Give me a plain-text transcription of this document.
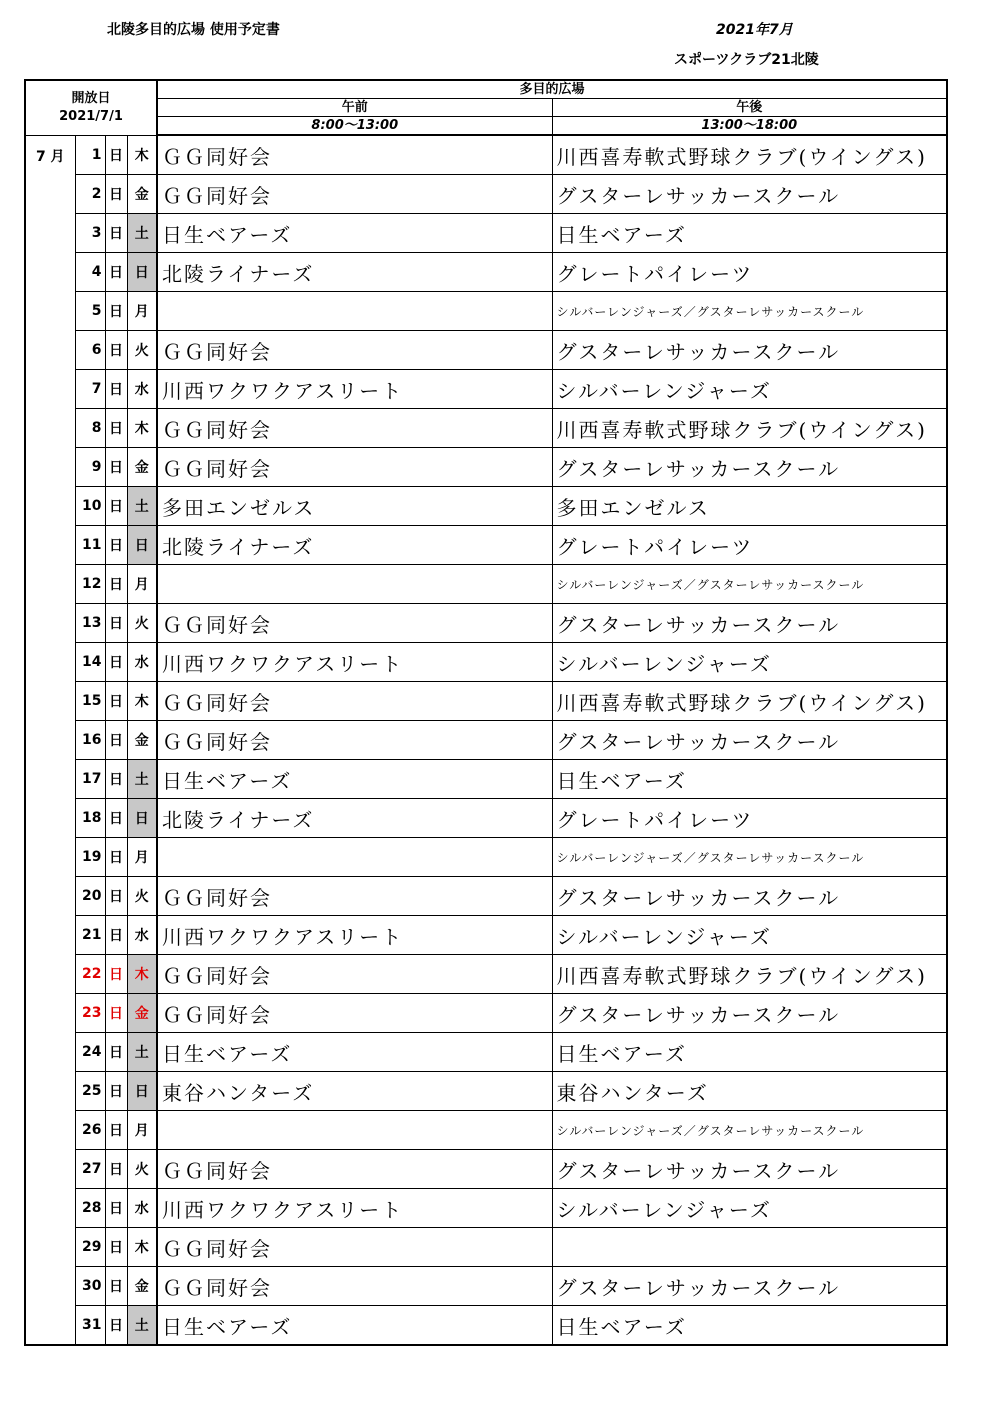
北陵多目的広場 使用予定書	2021年7月
スポーツクラブ21北陵
開放日
2021/7/1				多目的広場	
				午前	午後
				8:00～13:00	13:00～18:00
7 月	1	日	木	ＧＧ同好会	川西喜寿軟式野球クラブ(ウイングス)
	2	日	金	ＧＧ同好会	グスターレサッカースクール
	3	日	土	日生ベアーズ	日生ベアーズ
	4	日	日	北陵ライナーズ	グレートパイレーツ
	5	日	月		シルバーレンジャーズ／グスターレサッカースクール
	6	日	火	ＧＧ同好会	グスターレサッカースクール
	7	日	水	川西ワクワクアスリート	シルバーレンジャーズ
	8	日	木	ＧＧ同好会	川西喜寿軟式野球クラブ(ウイングス)
	9	日	金	ＧＧ同好会	グスターレサッカースクール
	10	日	土	多田エンゼルス	多田エンゼルス
	11	日	日	北陵ライナーズ	グレートパイレーツ
	12	日	月		シルバーレンジャーズ／グスターレサッカースクール
	13	日	火	ＧＧ同好会	グスターレサッカースクール
	14	日	水	川西ワクワクアスリート	シルバーレンジャーズ
	15	日	木	ＧＧ同好会	川西喜寿軟式野球クラブ(ウイングス)
	16	日	金	ＧＧ同好会	グスターレサッカースクール
	17	日	土	日生ベアーズ	日生ベアーズ
	18	日	日	北陵ライナーズ	グレートパイレーツ
	19	日	月		シルバーレンジャーズ／グスターレサッカースクール
	20	日	火	ＧＧ同好会	グスターレサッカースクール
	21	日	水	川西ワクワクアスリート	シルバーレンジャーズ
	22	日	木	ＧＧ同好会	川西喜寿軟式野球クラブ(ウイングス)
	23	日	金	ＧＧ同好会	グスターレサッカースクール
	24	日	土	日生ベアーズ	日生ベアーズ
	25	日	日	東谷ハンターズ	東谷ハンターズ
	26	日	月		シルバーレンジャーズ／グスターレサッカースクール
	27	日	火	ＧＧ同好会	グスターレサッカースクール
	28	日	水	川西ワクワクアスリート	シルバーレンジャーズ
	29	日	木	ＧＧ同好会	
	30	日	金	ＧＧ同好会	グスターレサッカースクール
	31	日	土	日生ベアーズ	日生ベアーズ
